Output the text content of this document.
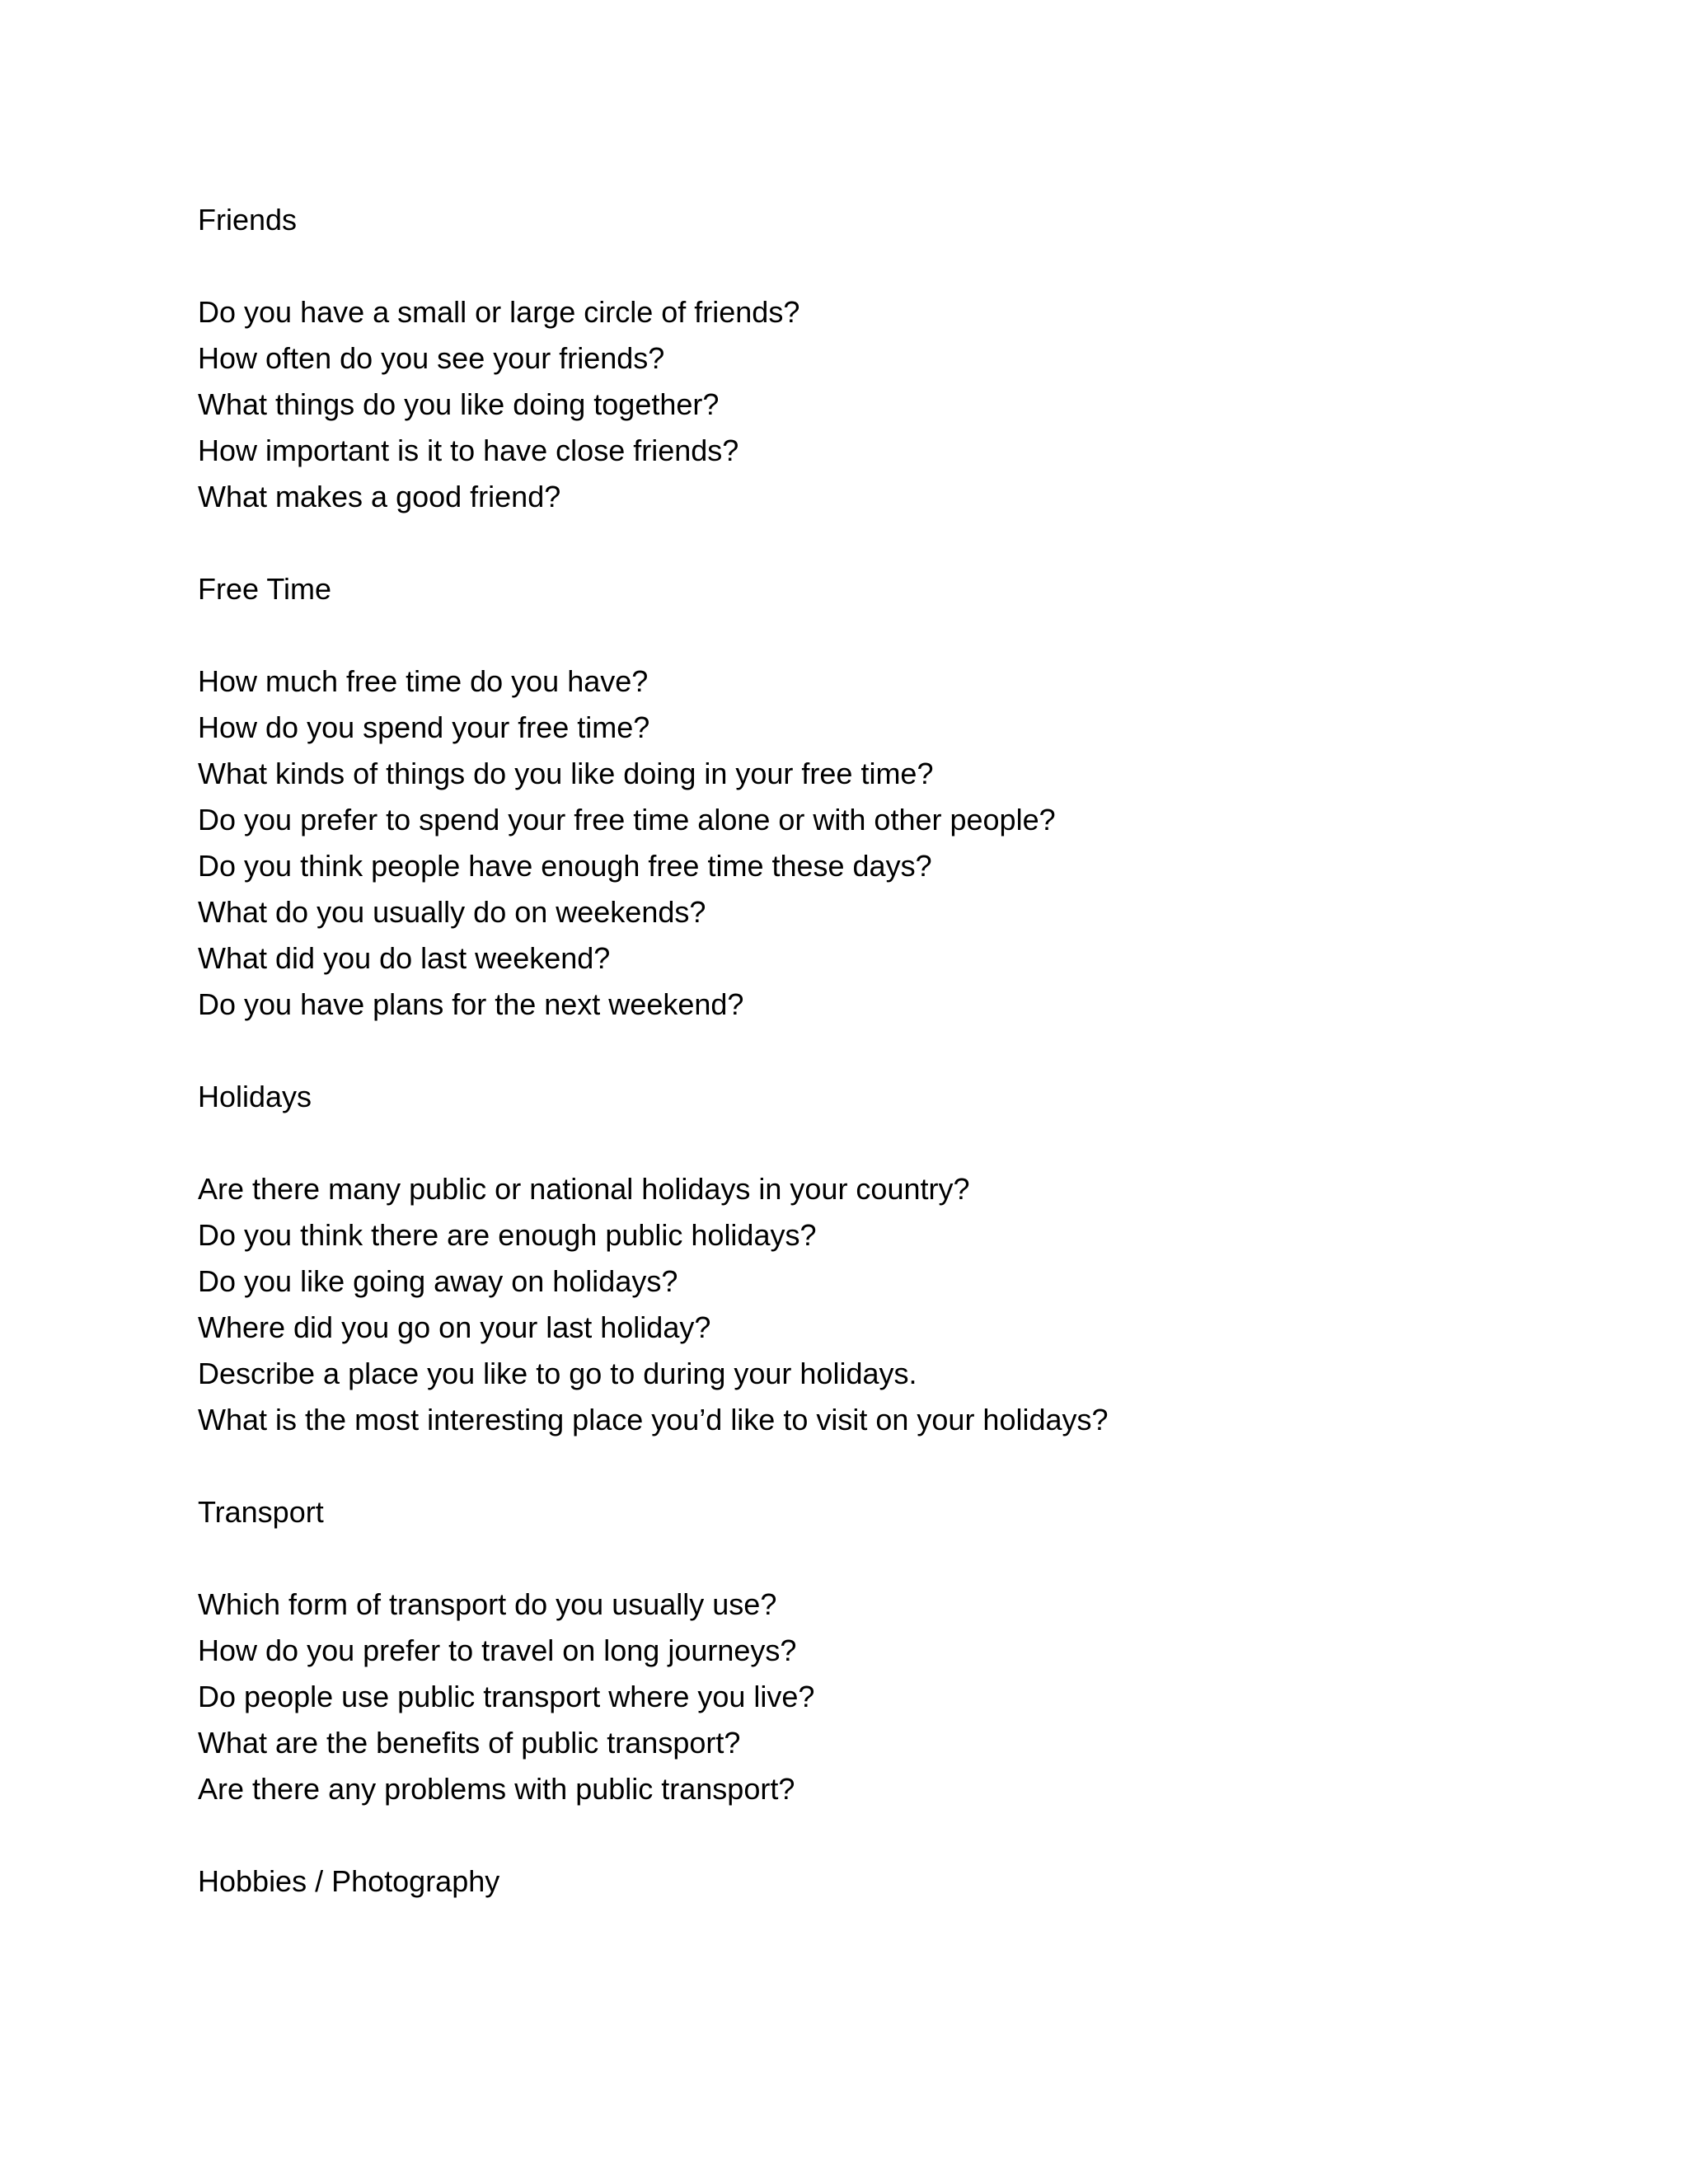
Friends
Do you have a small or large circle of friends?
How often do you see your friends?
What things do you like doing together?
How important is it to have close friends?
What makes a good friend?
Free Time
How much free time do you have?
How do you spend your free time?
What kinds of things do you like doing in your free time?
Do you prefer to spend your free time alone or with other people?
Do you think people have enough free time these days?
What do you usually do on weekends?
What did you do last weekend?
Do you have plans for the next weekend?
Holidays
Are there many public or national holidays in your country?
Do you think there are enough public holidays?
Do you like going away on holidays?
Where did you go on your last holiday?
Describe a place you like to go to during your holidays.
What is the most interesting place you’d like to visit on your holidays?
Transport
Which form of transport do you usually use?
How do you prefer to travel on long journeys?
Do people use public transport where you live?
What are the benefits of public transport?
Are there any problems with public transport?
Hobbies / Photography
